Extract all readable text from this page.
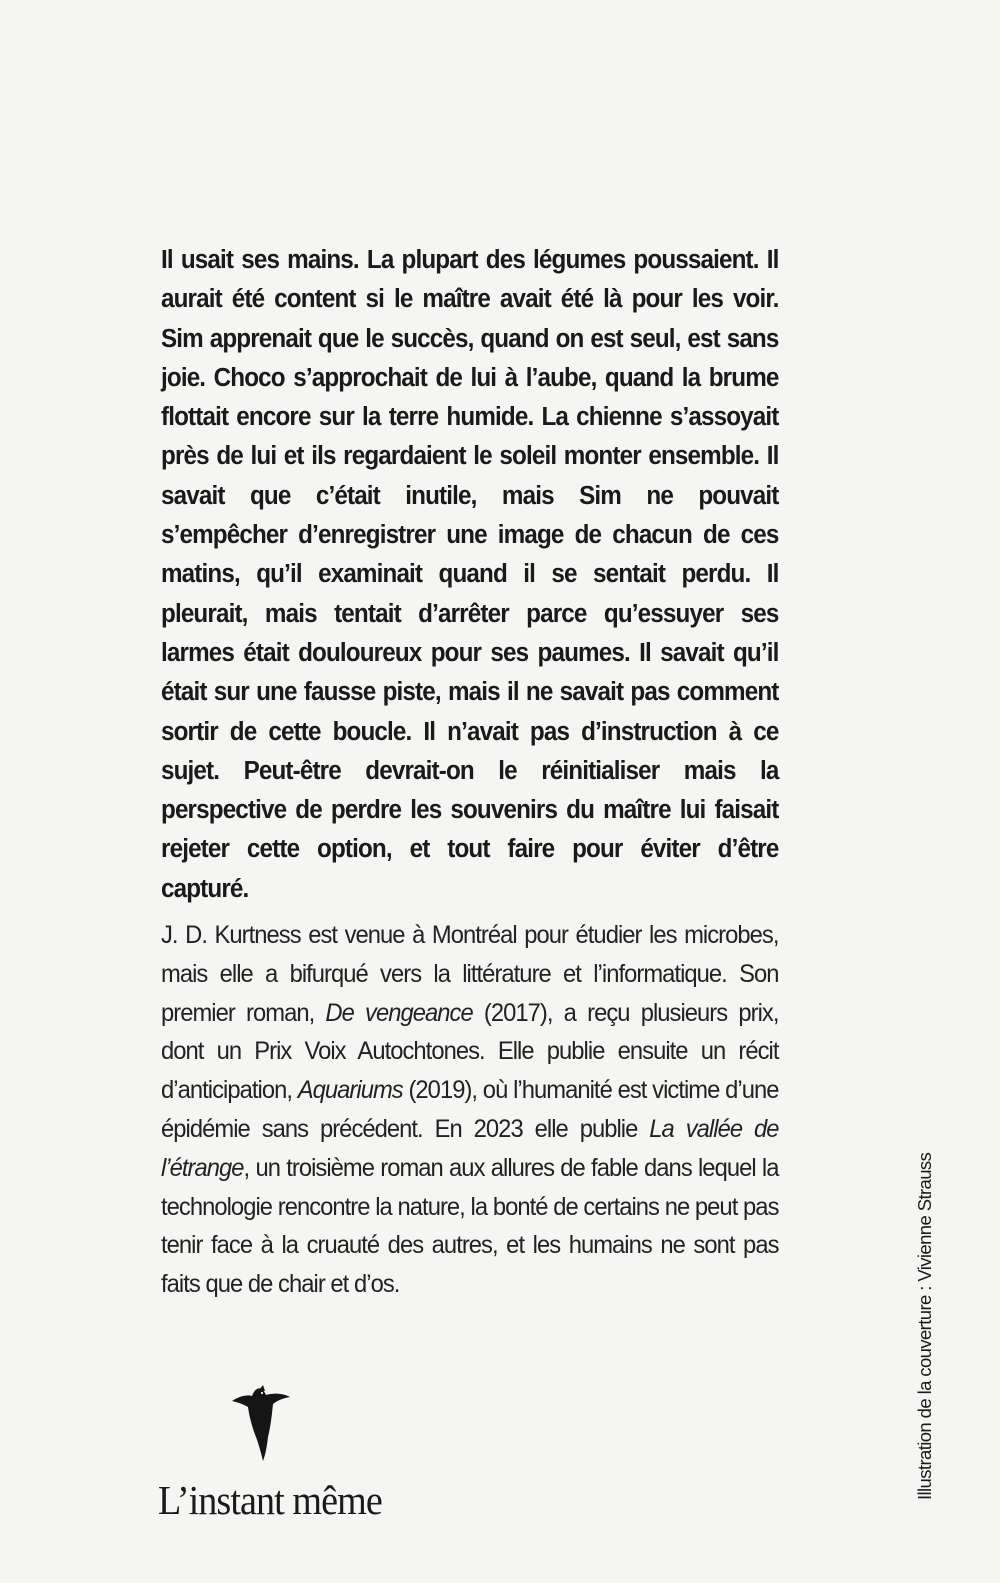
Il usait ses mains. La plupart des légumes poussaient. Il aurait été content si le maître avait été là pour les voir. Sim apprenait que le succès, quand on est seul, est sans joie. Choco s’approchait de lui à l’aube, quand la brume flottait encore sur la terre humide. La chienne s’assoyait près de lui et ils regardaient le soleil monter ensemble. Il savait que c’était inutile, mais Sim ne pouvait s’empêcher d’enregistrer une image de chacun de ces matins, qu’il examinait quand il se sentait perdu. Il pleurait, mais tentait d’arrêter parce qu’essuyer ses larmes était douloureux pour ses paumes. Il savait qu’il était sur une fausse piste, mais il ne savait pas comment sortir de cette boucle. Il n’avait pas d’instruction à ce sujet. Peut-être devrait-on le réinitialiser mais la perspective de perdre les souvenirs du maître lui faisait rejeter cette option, et tout faire pour éviter d’être capturé.

J. D. Kurtness est venue à Montréal pour étudier les microbes, mais elle a bifurqué vers la littérature et l’informatique. Son premier roman, De vengeance (2017), a reçu plusieurs prix, dont un Prix Voix Autochtones. Elle publie ensuite un récit d’anticipation, Aquariums (2019), où l’humanité est victime d’une épidémie sans précédent. En 2023 elle publie La vallée de l’étrange, un troisième roman aux allures de fable dans lequel la technologie rencontre la nature, la bonté de certains ne peut pas tenir face à la cruauté des autres, et les humains ne sont pas faits que de chair et d’os.	Illustration de la couverture : Vivienne Strauss
L’instant même
